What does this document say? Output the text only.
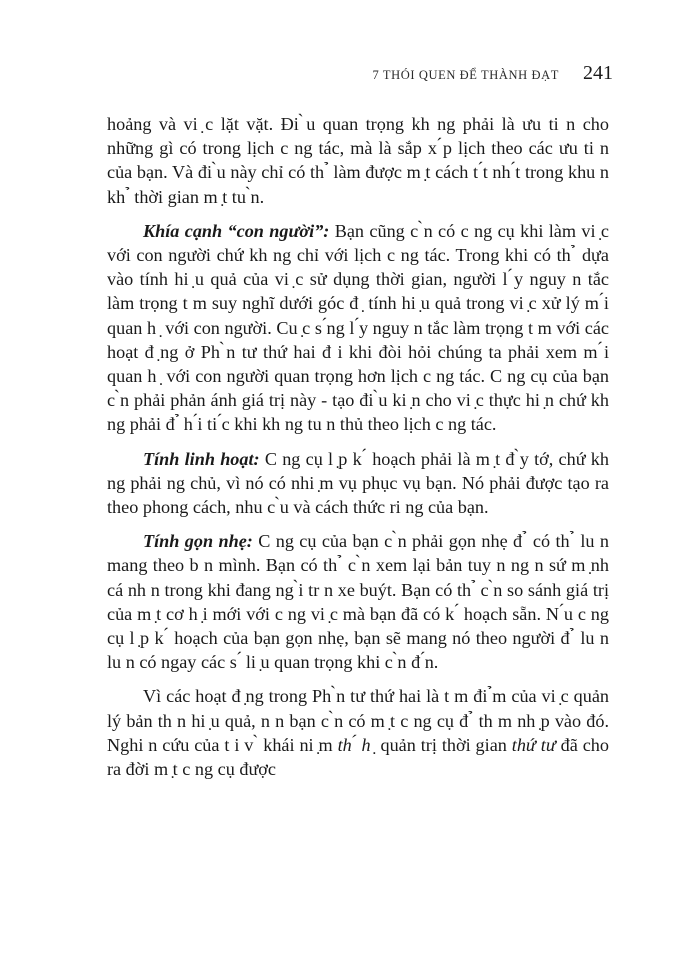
7 THÓI QUEN ĐỂ THÀNH ĐẠT 241

hoảng và vi ̣c lặt vặt. Đi ̀u quan trọng kh ng phải là ưu ti n cho những gì có trong lịch c ng tác, mà là sắp x ́p lịch theo các ưu ti n của bạn. Và đi ̀u này chỉ có th ̉ làm được m ̣t cách t ́t nh ́t trong khu n kh ̉ thời gian m ̣t tu ̀n.

Khía cạnh “con người”: Bạn cũng c ̀n có c ng cụ khi làm vi ̣c với con người chứ kh ng chỉ với lịch c ng tác. Trong khi có th ̉ dựa vào tính hi ̣u quả của vi ̣c sử dụng thời gian, người l ́y nguy n tắc làm trọng t m suy nghĩ dưới góc đ ̣ tính hi ̣u quả trong vi ̣c xử lý m ́i quan h ̣ với con người. Cu ̣c s ́ng l ́y nguy n tắc làm trọng t m với các hoạt đ ̣ng ở Ph ̀n tư thứ hai đ i khi đòi hỏi chúng ta phải xem m ́i quan h ̣ với con người quan trọng hơn lịch c ng tác. C ng cụ của bạn c ̀n phải phản ánh giá trị này - tạo đi ̀u ki ̣n cho vi ̣c thực hi ̣n chứ kh ng phải đ ̉ h ́i ti ́c khi kh ng tu n thủ theo lịch c ng tác.

Tính linh hoạt: C ng cụ l ̣p k ́ hoạch phải là m ̣t đ ̀y tớ, chứ kh ng phải ng chủ, vì nó có nhi ̣m vụ phục vụ bạn. Nó phải được tạo ra theo phong cách, nhu c ̀u và cách thức ri ng của bạn.

Tính gọn nhẹ: C ng cụ của bạn c ̀n phải gọn nhẹ đ ̉ có th ̉ lu n mang theo b n mình. Bạn có th ̉ c ̀n xem lại bản tuy n ng n sứ m ̣nh cá nh n trong khi đang ng ̀i tr n xe buýt. Bạn có th ̉ c ̀n so sánh giá trị của m ̣t cơ h ̣i mới với c ng vi ̣c mà bạn đã có k ́ hoạch sẵn. N ́u c ng cụ l ̣p k ́ hoạch của bạn gọn nhẹ, bạn sẽ mang nó theo người đ ̉ lu n lu n có ngay các s ́ li ̣u quan trọng khi c ̀n đ ́n.

Vì các hoạt đ ̣ng trong Ph ̀n tư thứ hai là t m đi ̉m của vi ̣c quản lý bản th n hi ̣u quả, n n bạn c ̀n có m ̣t c ng cụ đ ̉ th m nh ̣p vào đó. Nghi n cứu của t i v ̀ khái ni ̣m th ́ h ̣ quản trị thời gian thứ tư đã cho ra đời m ̣t c ng cụ được
